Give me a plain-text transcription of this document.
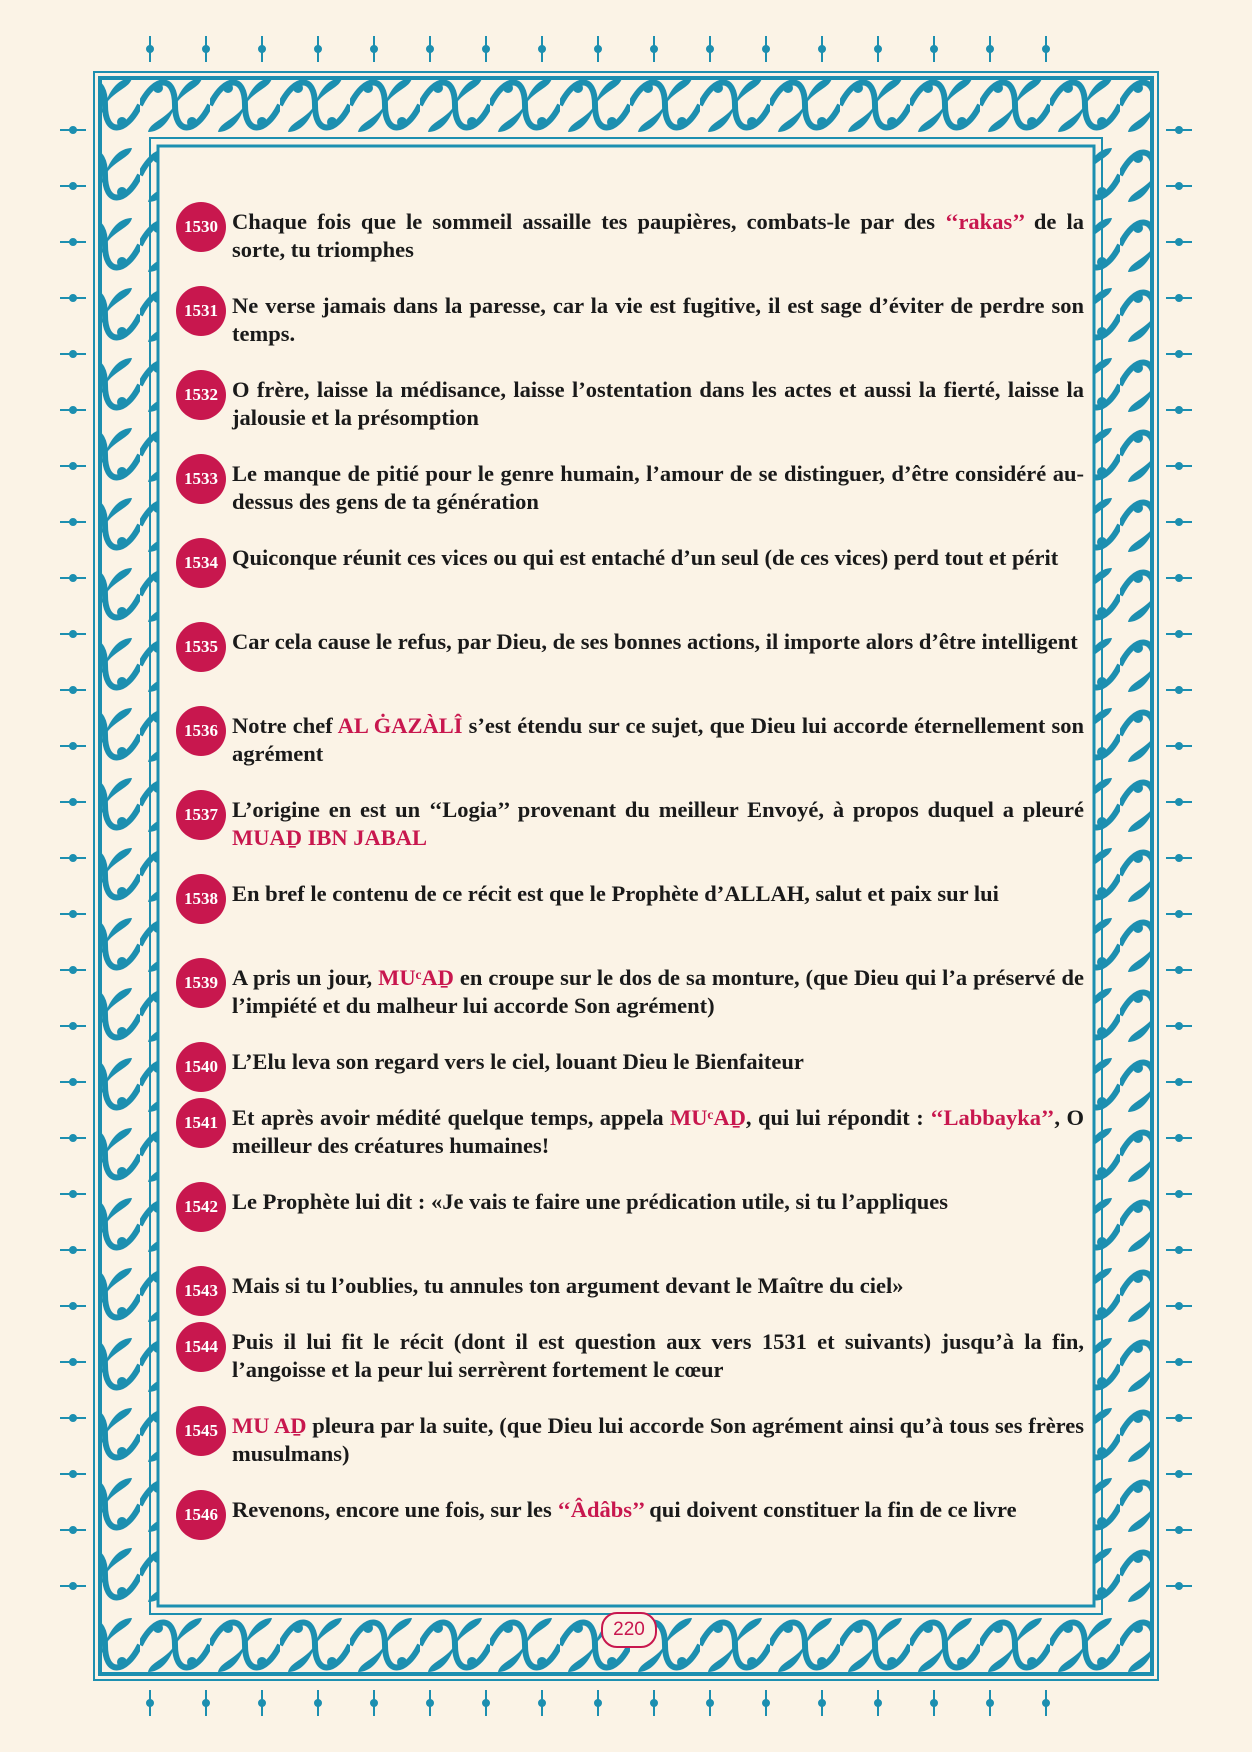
1530 Chaque fois que le sommeil assaille tes paupières, combats-le par des ‘‘rakas’’ de la sorte, tu triomphes
1531 Ne verse jamais dans la paresse, car la vie est fugitive, il est sage d’éviter de perdre son temps.
1532 O frère, laisse la médisance, laisse l’ostentation dans les actes et aussi la fierté, laisse la jalousie et la présomption
1533 Le manque de pitié pour le genre humain, l’amour de se distinguer, d’être considéré au-dessus des gens de ta génération
1534 Quiconque réunit ces vices ou qui est entaché d’un seul (de ces vices) perd tout et périt
1535 Car cela cause le refus, par Dieu, de ses bonnes actions, il importe alors d’être intelligent
1536 Notre chef AL ĠAZÀLÎ s’est étendu sur ce sujet, que Dieu lui accorde éternellement son agrément
1537 L’origine en est un ‘‘Logia’’ provenant du meilleur Envoyé, à propos duquel a pleuré MUAḎ IBN JABAL
1538 En bref le contenu de ce récit est que le Prophète d’ALLAH, salut et paix sur lui
1539 A pris un jour, MUᶜAḎ en croupe sur le dos de sa monture, (que Dieu qui l’a préservé de l’impiété et du malheur lui accorde Son agrément)
1540 L’Elu leva son regard vers le ciel, louant Dieu le Bienfaiteur
1541 Et après avoir médité quelque temps, appela MUᶜAḎ, qui lui répondit : ‘‘Labbayka’’, O meilleur des créatures humaines!
1542 Le Prophète lui dit : «Je vais te faire une prédication utile, si tu l’appliques
1543 Mais si tu l’oublies, tu annules ton argument devant le Maître du ciel»
1544 Puis il lui fit le récit (dont il est question aux vers 1531 et suivants) jusqu’à la fin, l’angoisse et la peur lui serrèrent fortement le cœur
1545 MU AḎ pleura par la suite, (que Dieu lui accorde Son agrément ainsi qu’à tous ses frères musulmans)
1546 Revenons, encore une fois, sur les ‘‘Âdâbs’’ qui doivent constituer la fin de ce livre
220
